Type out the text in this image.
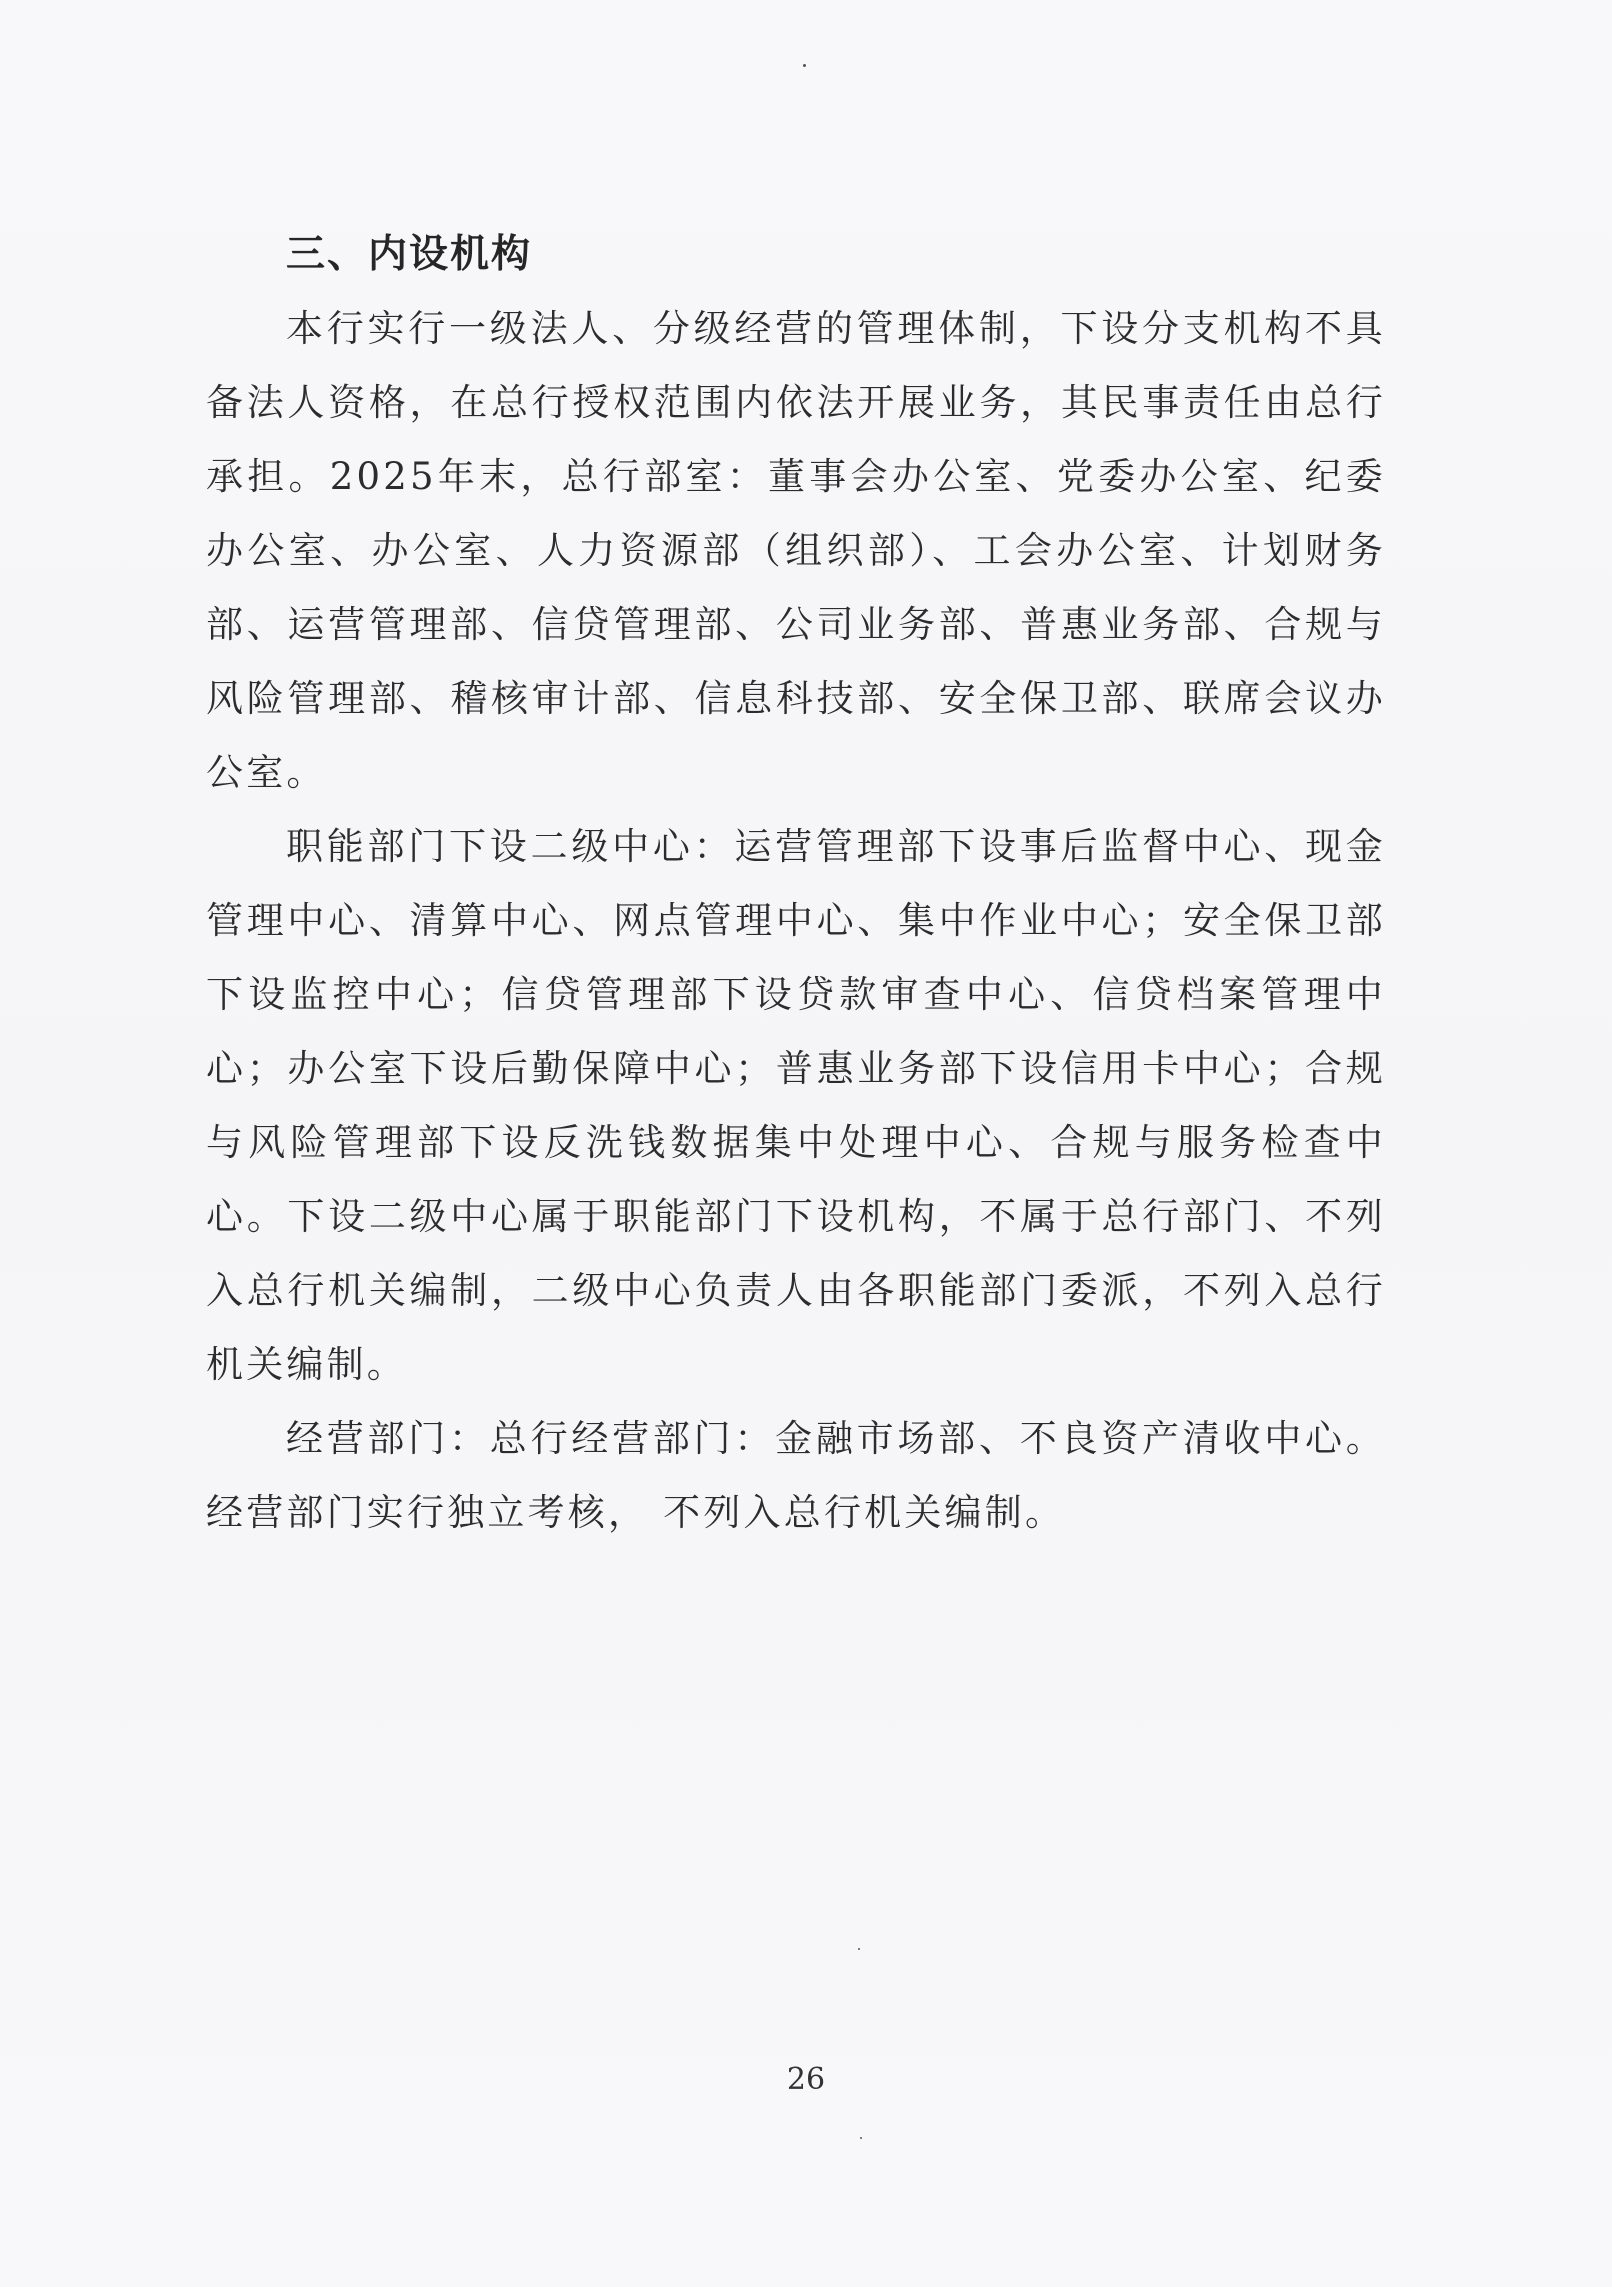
三、内设机构

本行实行一级法人、分级经营的管理体制，下设分支机构不具备法人资格，在总行授权范围内依法开展业务，其民事责任由总行承担。2025年末，总行部室：董事会办公室、党委办公室、纪委办公室、办公室、人力资源部（组织部）、工会办公室、计划财务部、运营管理部、信贷管理部、公司业务部、普惠业务部、合规与风险管理部、稽核审计部、信息科技部、安全保卫部、联席会议办公室。

职能部门下设二级中心：运营管理部下设事后监督中心、现金管理中心、清算中心、网点管理中心、集中作业中心；安全保卫部下设监控中心；信贷管理部下设贷款审查中心、信贷档案管理中心；办公室下设后勤保障中心；普惠业务部下设信用卡中心；合规与风险管理部下设反洗钱数据集中处理中心、合规与服务检查中心。下设二级中心属于职能部门下设机构，不属于总行部门、不列入总行机关编制，二级中心负责人由各职能部门委派，不列入总行机关编制。

经营部门：总行经营部门：金融市场部、不良资产清收中心。经营部门实行独立考核， 不列入总行机关编制。

26
